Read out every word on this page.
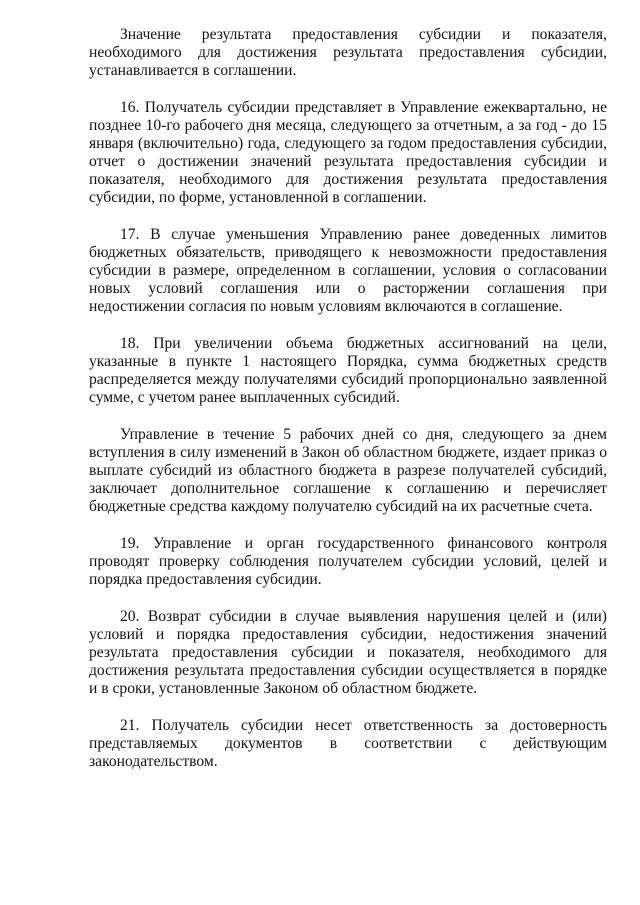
Значение результата предоставления субсидии и показателя, необходимого для достижения результата предоставления субсидии, устанавливается в соглашении.

16. Получатель субсидии представляет в Управление ежеквартально, не позднее 10-го рабочего дня месяца, следующего за отчетным, а за год - до 15 января (включительно) года, следующего за годом предоставления субсидии, отчет о достижении значений результата предоставления субсидии и показателя, необходимого для достижения результата предоставления субсидии, по форме, установленной в соглашении.

17. В случае уменьшения Управлению ранее доведенных лимитов бюджетных обязательств, приводящего к невозможности предоставления субсидии в размере, определенном в соглашении, условия о согласовании новых условий соглашения или о расторжении соглашения при недостижении согласия по новым условиям включаются в соглашение.

18. При увеличении объема бюджетных ассигнований на цели, указанные в пункте 1 настоящего Порядка, сумма бюджетных средств распределяется между получателями субсидий пропорционально заявленной сумме, с учетом ранее выплаченных субсидий.

Управление в течение 5 рабочих дней со дня, следующего за днем вступления в силу изменений в Закон об областном бюджете, издает приказ о выплате субсидий из областного бюджета в разрезе получателей субсидий, заключает дополнительное соглашение к соглашению и перечисляет бюджетные средства каждому получателю субсидий на их расчетные счета.

19. Управление и орган государственного финансового контроля проводят проверку соблюдения получателем субсидии условий, целей и порядка предоставления субсидии.

20. Возврат субсидии в случае выявления нарушения целей и (или) условий и порядка предоставления субсидии, недостижения значений результата предоставления субсидии и показателя, необходимого для достижения результата предоставления субсидии осуществляется в порядке и в сроки, установленные Законом об областном бюджете.

21. Получатель субсидии несет ответственность за достоверность представляемых документов в соответствии с действующим законодательством.
